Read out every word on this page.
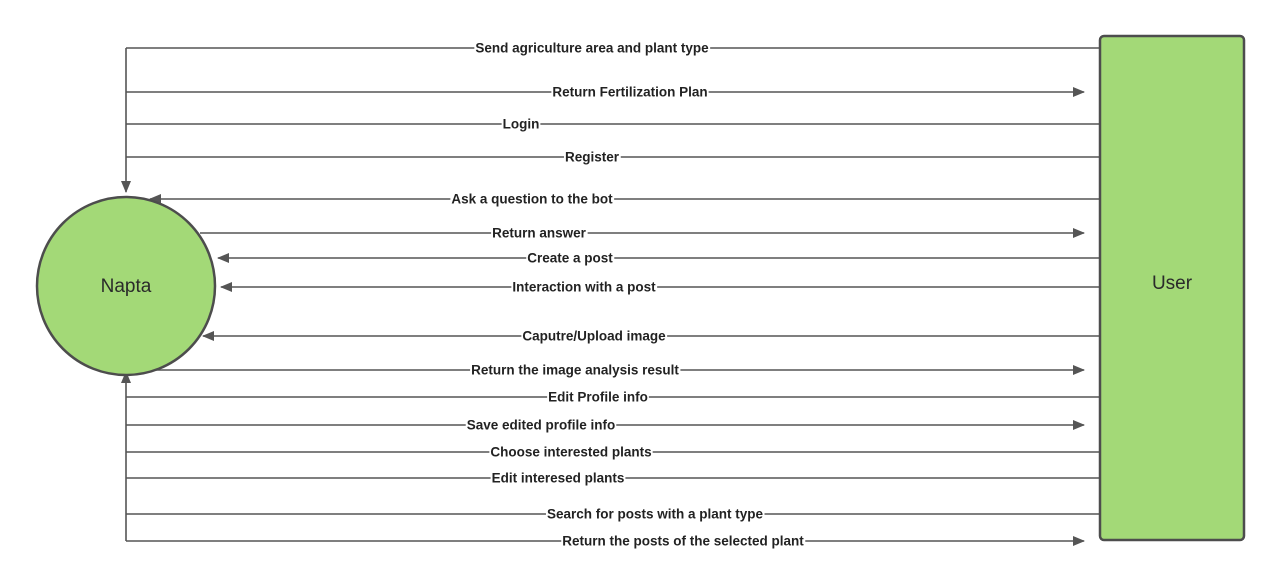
Send agriculture area and plant type
Return Fertilization Plan
Login
Register
Ask a question to the bot
Return answer
Create a post
Interaction with a post
Caputre/Upload image
Return the image analysis result
Edit Profile info
Save edited profile info
Choose interested plants
Edit interesed plants
Search for posts with a plant type
Return the posts of the selected plant
Napta	User
